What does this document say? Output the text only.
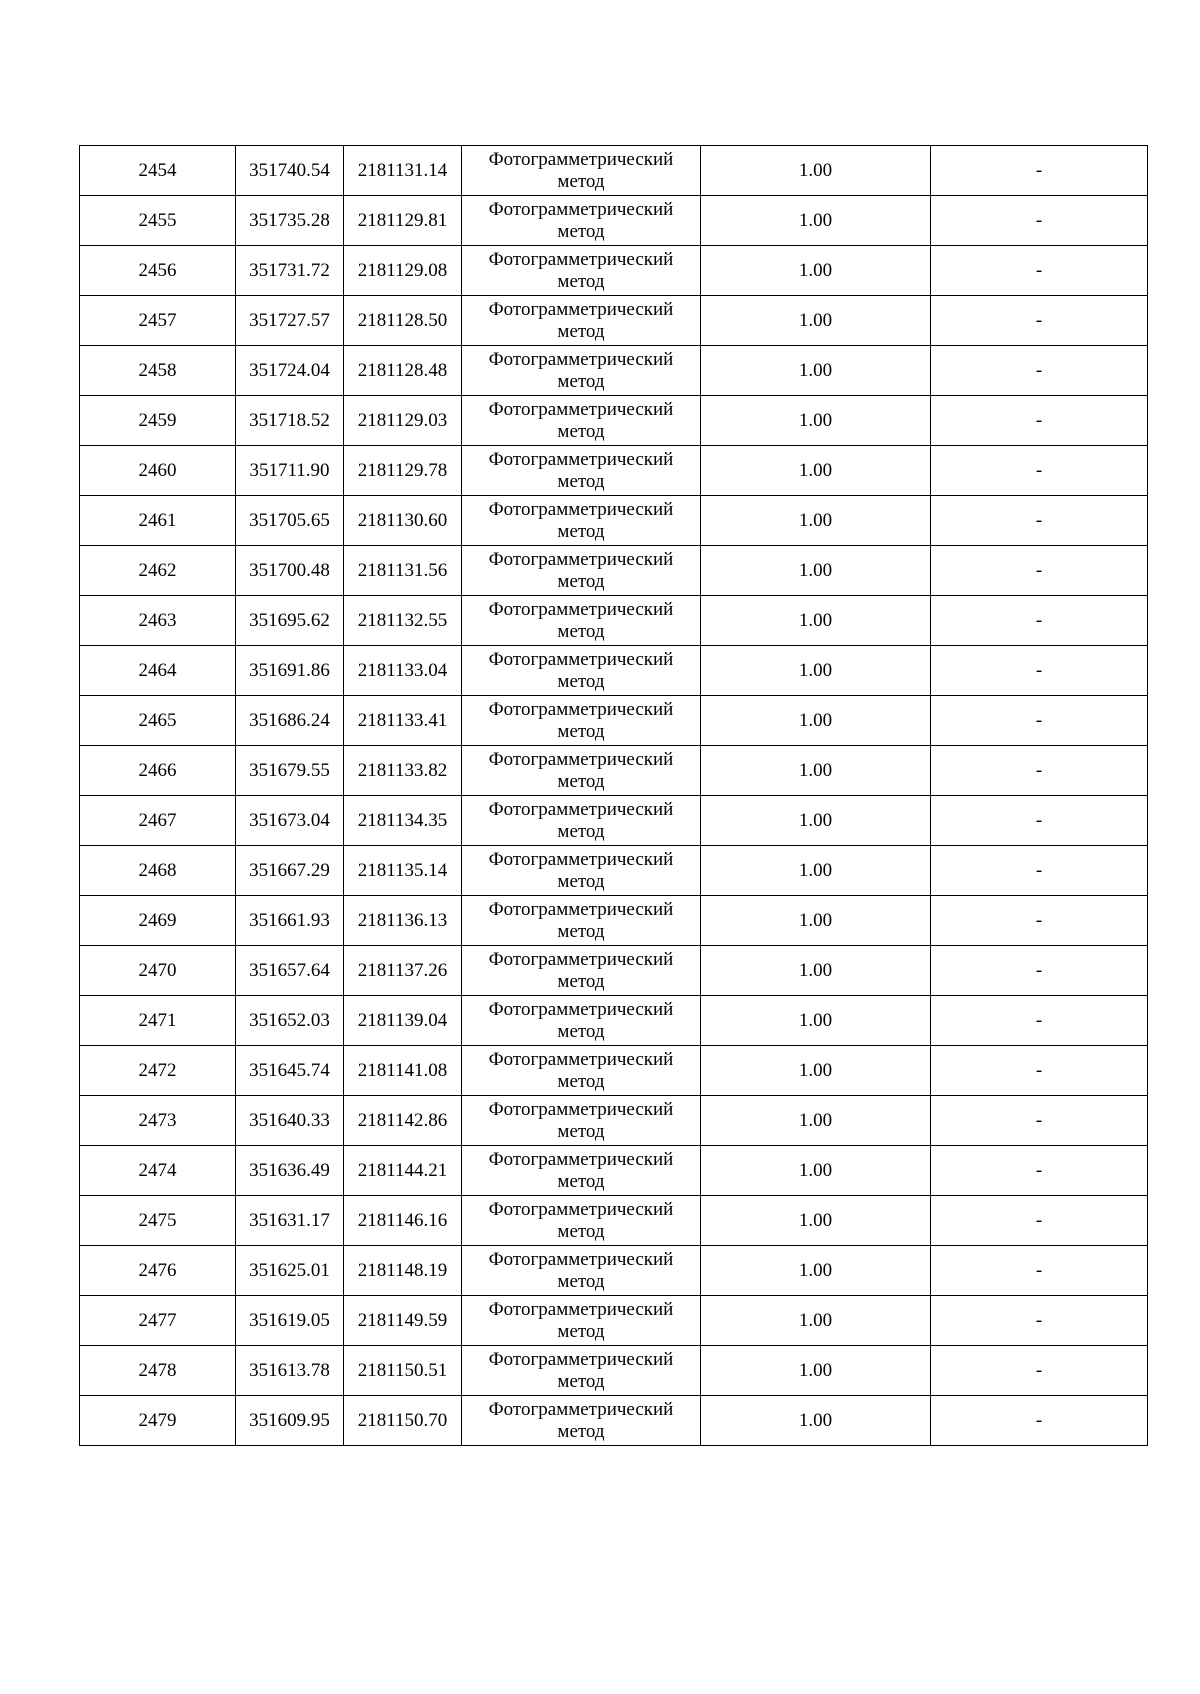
2454	351740.54	2181131.14	Фотограмметрический метод	1.00	-
2455	351735.28	2181129.81	Фотограмметрический метод	1.00	-
2456	351731.72	2181129.08	Фотограмметрический метод	1.00	-
2457	351727.57	2181128.50	Фотограмметрический метод	1.00	-
2458	351724.04	2181128.48	Фотограмметрический метод	1.00	-
2459	351718.52	2181129.03	Фотограмметрический метод	1.00	-
2460	351711.90	2181129.78	Фотограмметрический метод	1.00	-
2461	351705.65	2181130.60	Фотограмметрический метод	1.00	-
2462	351700.48	2181131.56	Фотограмметрический метод	1.00	-
2463	351695.62	2181132.55	Фотограмметрический метод	1.00	-
2464	351691.86	2181133.04	Фотограмметрический метод	1.00	-
2465	351686.24	2181133.41	Фотограмметрический метод	1.00	-
2466	351679.55	2181133.82	Фотограмметрический метод	1.00	-
2467	351673.04	2181134.35	Фотограмметрический метод	1.00	-
2468	351667.29	2181135.14	Фотограмметрический метод	1.00	-
2469	351661.93	2181136.13	Фотограмметрический метод	1.00	-
2470	351657.64	2181137.26	Фотограмметрический метод	1.00	-
2471	351652.03	2181139.04	Фотограмметрический метод	1.00	-
2472	351645.74	2181141.08	Фотограмметрический метод	1.00	-
2473	351640.33	2181142.86	Фотограмметрический метод	1.00	-
2474	351636.49	2181144.21	Фотограмметрический метод	1.00	-
2475	351631.17	2181146.16	Фотограмметрический метод	1.00	-
2476	351625.01	2181148.19	Фотограмметрический метод	1.00	-
2477	351619.05	2181149.59	Фотограмметрический метод	1.00	-
2478	351613.78	2181150.51	Фотограмметрический метод	1.00	-
2479	351609.95	2181150.70	Фотограмметрический метод	1.00	-
